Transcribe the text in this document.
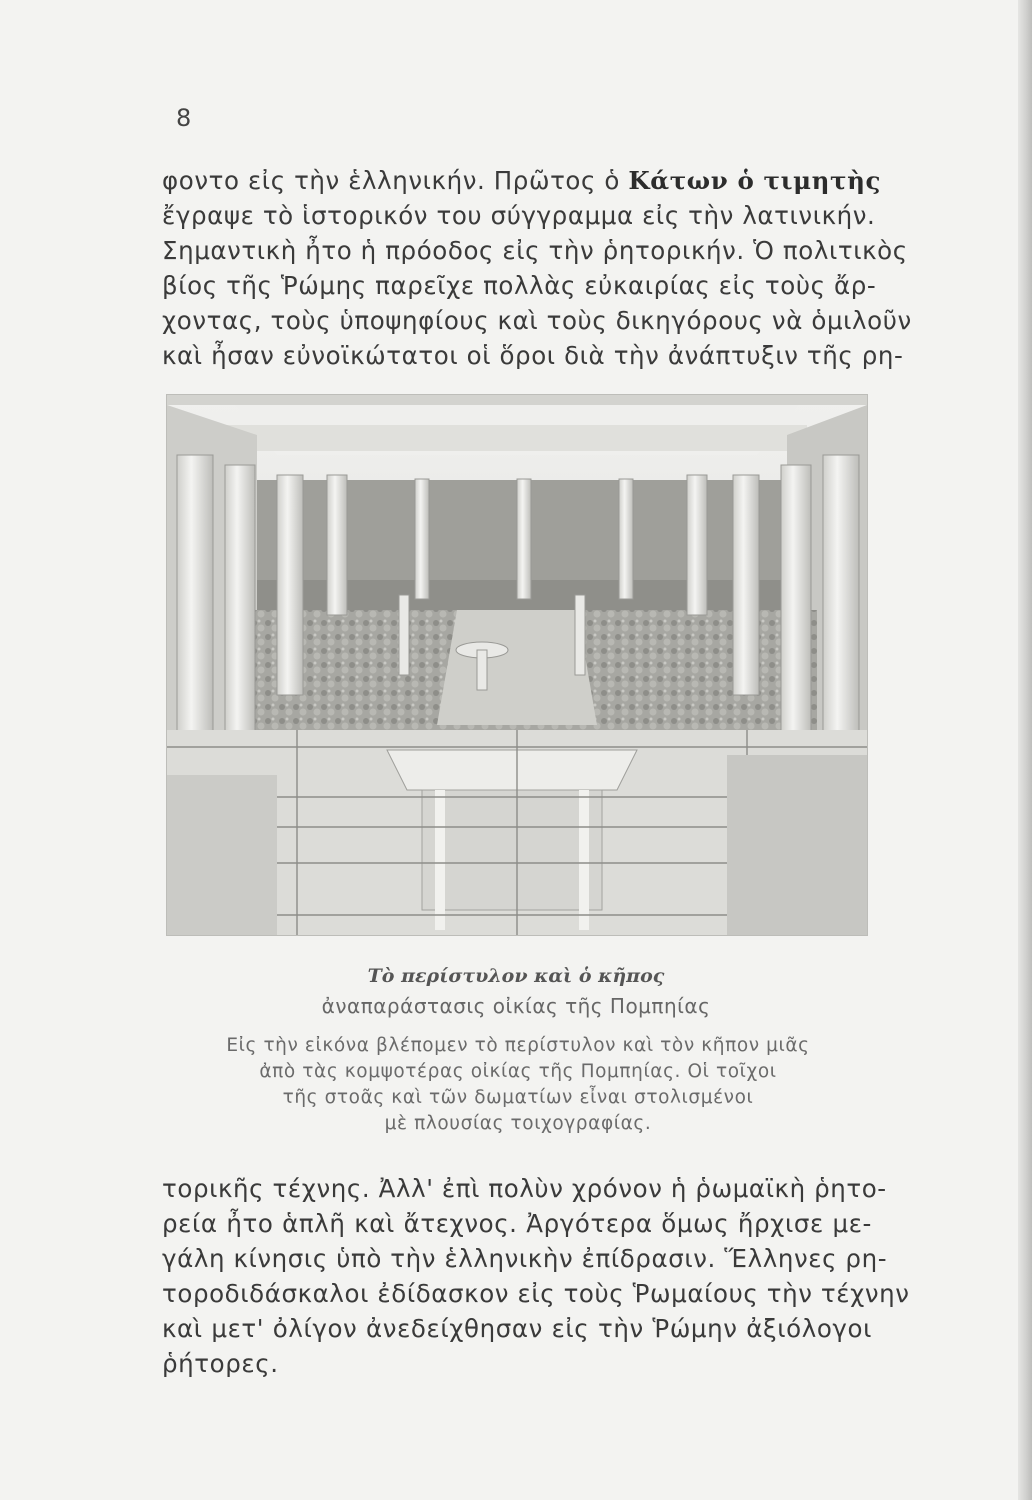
8
φοντο εἰς τὴν ἑλληνικήν. Πρῶτος ὁ Κάτων ὁ τιμητὴς
ἔγραψε τὸ ἱστορικόν του σύγγραμμα εἰς τὴν λατινικήν.
Σημαντικὴ ἦτο ἡ πρόοδος εἰς τὴν ῥητορικήν. Ὁ πολιτικὸς
βίος τῆς Ῥώμης παρεῖχε πολλὰς εὐκαιρίας εἰς τοὺς ἄρ-
χοντας, τοὺς ὑποψηφίους καὶ τοὺς δικηγόρους νὰ ὁμιλοῦν
καὶ ἦσαν εὐνοϊκώτατοι οἱ ὅροι διὰ τὴν ἀνάπτυξιν τῆς ρη-
Τὸ περίστυλον καὶ ὁ κῆπος
ἀναπαράστασις οἰκίας τῆς Πομπηίας
Εἰς τὴν εἰκόνα βλέπομεν τὸ περίστυλον καὶ τὸν κῆπον μιᾶς
ἀπὸ τὰς κομψοτέρας οἰκίας τῆς Πομπηίας. Οἱ τοῖχοι
τῆς στοᾶς καὶ τῶν δωματίων εἶναι στολισμένοι
μὲ πλουσίας τοιχογραφίας.
τορικῆς τέχνης. Ἀλλ' ἐπὶ πολὺν χρόνον ἡ ῥωμαϊκὴ ῥητο-
ρεία ἦτο ἁπλῆ καὶ ἄτεχνος. Ἀργότερα ὅμως ἤρχισε με-
γάλη κίνησις ὑπὸ τὴν ἑλληνικὴν ἐπίδρασιν. Ἕλληνες ρη-
τοροδιδάσκαλοι ἐδίδασκον εἰς τοὺς Ῥωμαίους τὴν τέχνην
καὶ μετ' ὀλίγον ἀνεδείχθησαν εἰς τὴν Ῥώμην ἀξιόλογοι
ῥήτορες.
